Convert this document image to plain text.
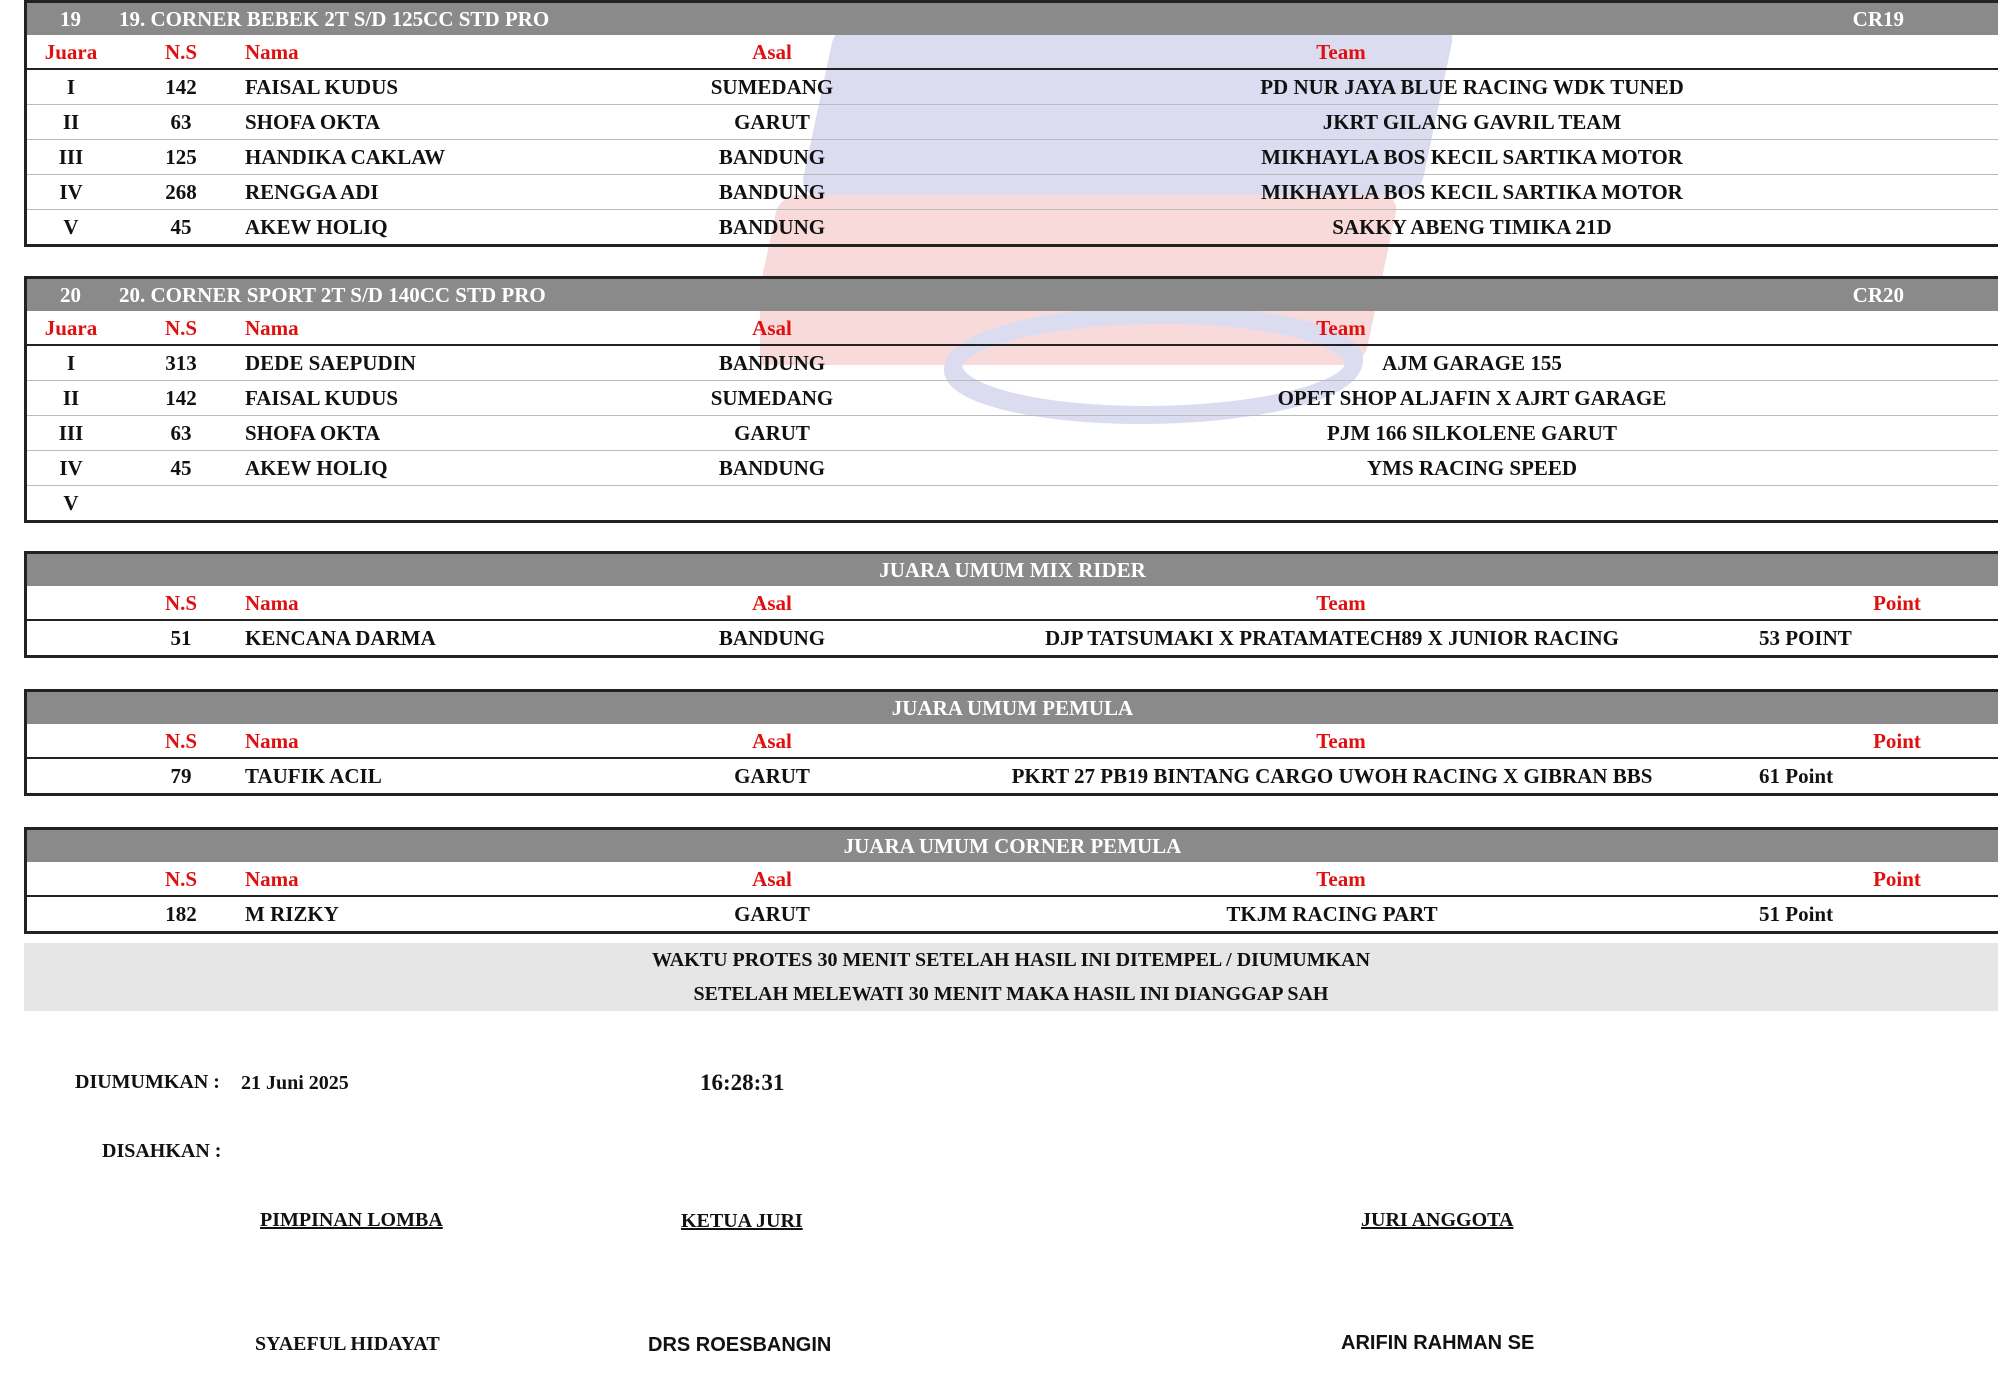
19 19. CORNER BEBEK 2T S/D 125CC STD PRO	CR19
Juara	N.S	Nama	Asal	Team
I	142	FAISAL KUDUS	SUMEDANG	PD NUR JAYA BLUE RACING WDK TUNED
II	63	SHOFA OKTA	GARUT	JKRT GILANG GAVRIL TEAM
III	125	HANDIKA CAKLAW	BANDUNG	MIKHAYLA BOS KECIL SARTIKA MOTOR
IV	268	RENGGA ADI	BANDUNG	MIKHAYLA BOS KECIL SARTIKA MOTOR
V	45	AKEW HOLIQ	BANDUNG	SAKKY ABENG TIMIKA 21D
20 20. CORNER SPORT 2T S/D 140CC STD PRO	CR20
Juara	N.S	Nama	Asal	Team
I	313	DEDE SAEPUDIN	BANDUNG	AJM GARAGE 155
II	142	FAISAL KUDUS	SUMEDANG	OPET SHOP ALJAFIN X AJRT GARAGE
III	63	SHOFA OKTA	GARUT	PJM 166 SILKOLENE GARUT
IV	45	AKEW HOLIQ	BANDUNG	YMS RACING SPEED
V
JUARA UMUM MIX RIDER
N.S	Nama	Asal	Team	Point
51	KENCANA DARMA	BANDUNG	DJP TATSUMAKI X PRATAMATECH89 X JUNIOR RACING	53 POINT
JUARA UMUM PEMULA
N.S	Nama	Asal	Team	Point
79	TAUFIK ACIL	GARUT	PKRT 27 PB19 BINTANG CARGO UWOH RACING X GIBRAN BBS	61 Point
JUARA UMUM CORNER PEMULA
N.S	Nama	Asal	Team	Point
182	M RIZKY	GARUT	TKJM RACING PART	51 Point
WAKTU PROTES 30 MENIT SETELAH HASIL INI DITEMPEL / DIUMUMKAN
SETELAH MELEWATI 30 MENIT MAKA HASIL INI DIANGGAP SAH
DIUMUMKAN : 21 Juni 2025	16:28:31
DISAHKAN :
PIMPINAN LOMBA	KETUA JURI	JURI ANGGOTA
SYAEFUL HIDAYAT	DRS ROESBANGIN	ARIFIN RAHMAN SE
